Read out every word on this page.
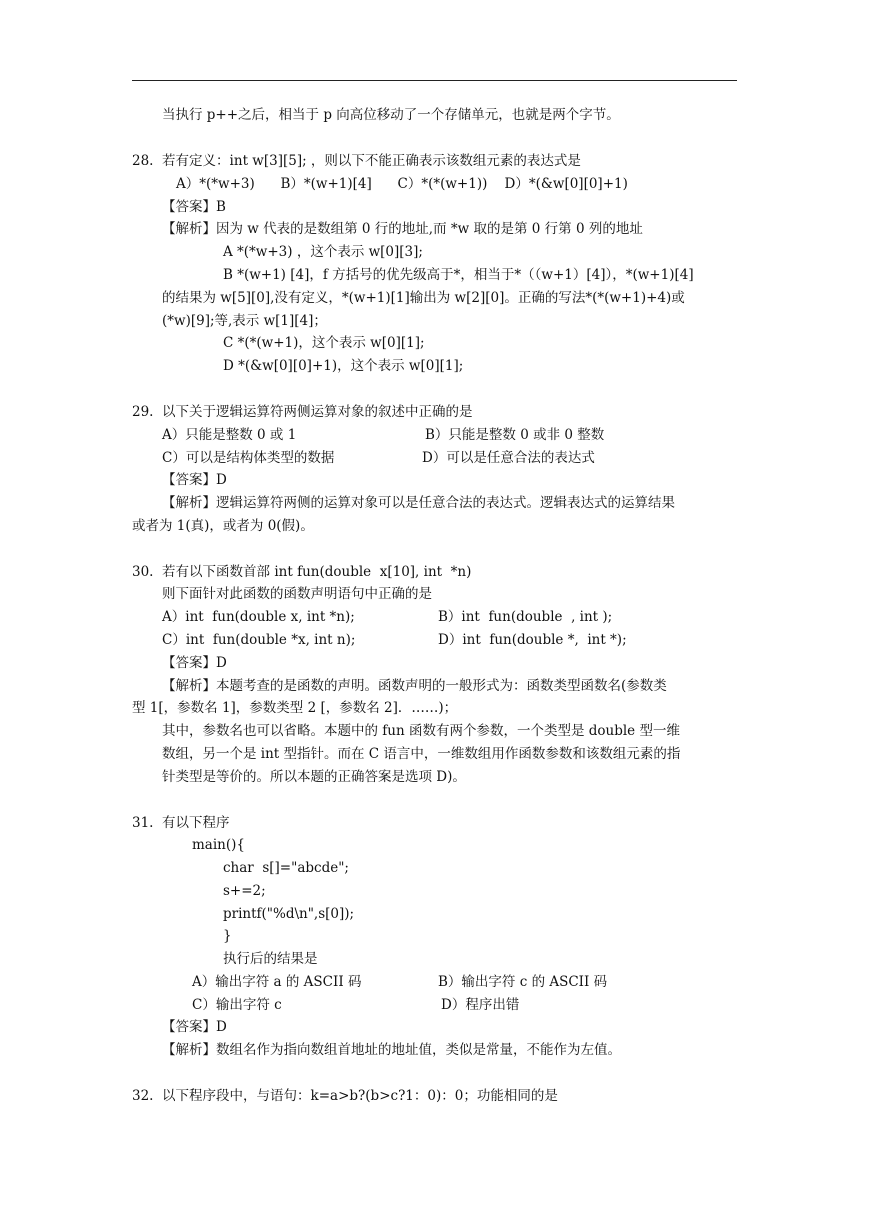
当执行 p++之后，相当于 p 向高位移动了一个存储单元，也就是两个字节。
28.  若有定义：int w[3][5]; ，则以下不能正确表示该数组元素的表达式是
A）*(*w+3)      B）*(w+1)[4]      C）*(*(w+1))    D）*(&w[0][0]+1)
【答案】B
【解析】因为 w 代表的是数组第 0 行的地址,而 *w 取的是第 0 行第 0 列的地址
A *(*w+3) ，这个表示 w[0][3];
B *(w+1) [4]，f 方括号的优先级高于*，相当于*（（w+1）[4]），*(w+1)[4]
的结果为 w[5][0],没有定义，*(w+1)[1]输出为 w[2][0]。正确的写法*(*(w+1)+4)或
(*w)[9];等,表示 w[1][4]；
C *(*(w+1)，这个表示 w[0][1];
D *(&w[0][0]+1)，这个表示 w[0][1];
29.  以下关于逻辑运算符两侧运算对象的叙述中正确的是
A）只能是整数 0 或 1	B）只能是整数 0 或非 0 整数
C）可以是结构体类型的数据	D）可以是任意合法的表达式
【答案】D
【解析】逻辑运算符两侧的运算对象可以是任意合法的表达式。逻辑表达式的运算结果
或者为 1(真)，或者为 0(假)。
30.  若有以下函数首部 int fun(double  x[10], int  *n)
则下面针对此函数的函数声明语句中正确的是
A）int  fun(double x, int *n);	B）int  fun(double  , int );
C）int  fun(double *x, int n);	D）int  fun(double *,  int *);
【答案】D
【解析】本题考查的是函数的声明。函数声明的一般形式为：函数类型函数名(参数类
型 1[，参数名 1]，参数类型 2 [，参数名 2]．……)；
其中，参数名也可以省略。本题中的 fun 函数有两个参数，一个类型是 double 型一维
数组，另一个是 int 型指针。而在 C 语言中，一维数组用作函数参数和该数组元素的指
针类型是等价的。所以本题的正确答案是选项 D)。
31.  有以下程序
main(){
char  s[]="abcde";
s+=2;
printf("%d\n",s[0]);
}
执行后的结果是
A）输出字符 a 的 ASCII 码	B）输出字符 c 的 ASCII 码
C）输出字符 c	D）程序出错
【答案】D
【解析】数组名作为指向数组首地址的地址值，类似是常量，不能作为左值。
32.  以下程序段中，与语句：k=a>b?(b>c?1：0)：0；功能相同的是
